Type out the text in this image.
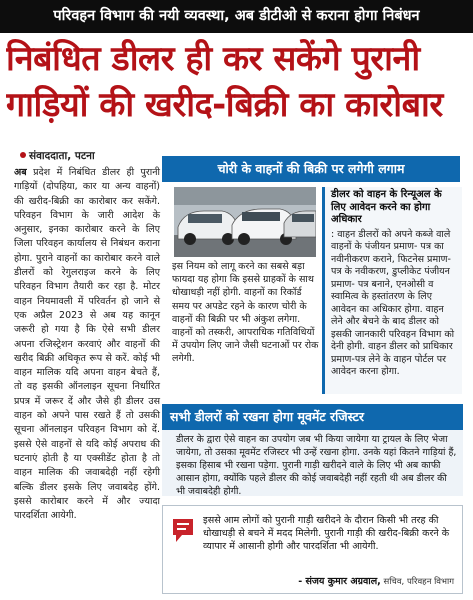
परिवहन विभाग की नयी व्यवस्था, अब डीटीओ से कराना होगा निबंधन
निबंधित डीलर ही कर सकेंगे पुरानी
गाड़ियों की खरीद-बिक्री का कारोबार
संवाददाता, पटना
अब प्रदेश में निबंधित डीलर ही पुरानी गाड़ियों (दोपहिया, कार या अन्य वाहनों) की खरीद-बिक्री का कारोबार कर सकेंगे. परिवहन विभाग के जारी आदेश के अनुसार, इनका कारोबार करने के लिए जिला परिवहन कार्यालय से निबंधन कराना होगा. पुराने वाहनों का कारोबार करने वाले डीलरों को रेगुलराइज करने के लिए परिवहन विभाग तैयारी कर रहा है. मोटर वाहन नियमावली में परिवर्तन हो जाने से एक अप्रैल 2023 से अब यह कानून जरूरी हो गया है कि ऐसे सभी डीलर अपना रजिस्ट्रेशन करवाएं और वाहनों की खरीद बिक्री अधिकृत रूप से करें. कोई भी वाहन मालिक यदि अपना वाहन बेचते हैं, तो वह इसकी ऑनलाइन सूचना निर्धारित प्रपत्र में जरूर दें और जैसे ही डीलर उस वाहन को अपने पास रखते हैं तो उसकी सूचना ऑनलाइन परिवहन विभाग को दें. इससे ऐसे वाहनों से यदि कोई अपराध की घटनाएं होती है या एक्सीडेंट होता है तो वाहन मालिक की जवाबदेही नहीं रहेगी बल्कि डीलर इसके लिए जवाबदेह होंगे. इससे कारोबार करने में और ज्यादा पारदर्शिता आयेगी.
चोरी के वाहनों की बिक्री पर लगेगी लगाम
इस नियम को लागू करने का सबसे बड़ा फायदा यह होगा कि इससे ग्राहकों के साथ धोखाधड़ी नहीं होगी. वाहनों का रिकॉर्ड समय पर अपडेट रहने के कारण चोरी के वाहनों की बिक्री पर भी अंकुश लगेगा. वाहनों को तस्करी, आपराधिक गतिविधियों में उपयोग लिए जाने जैसी घटनाओं पर रोक लगेगी.
डीलर को वाहन के रिन्यूअल के लिए आवेदन करने का होगा अधिकार
: वाहन डीलरों को अपने कब्जे वाले वाहनों के पंजीयन प्रमाण- पत्र का नवीनीकरण कराने, फिटनेस प्रमाण- पत्र के नवीकरण, डुप्लीकेट पंजीयन प्रमाण- पत्र बनाने, एनओसी व स्वामित्व के हस्तांतरण के लिए आवेदन का अधिकार होगा. वाहन लेने और बेचने के बाद डीलर को इसकी जानकारी परिवहन विभाग को देनी होगी. वाहन डीलर को प्राधिकार प्रमाण-पत्र लेने के वाहन पोर्टल पर आवेदन करना होगा.
सभी डीलरों को रखना होगा मूवमेंट रजिस्टर
डीलर के द्वारा ऐसे वाहन का उपयोग जब भी किया जायेगा या ट्रायल के लिए भेजा जायेगा, तो उसका मूवमेंट रजिस्टर भी उन्हें रखना होगा. उनके यहां कितने गाड़ियां हैं, इसका हिसाब भी रखना पड़ेगा. पुरानी गाड़ी खरीदने वाले के लिए भी अब काफी आसान होगा, क्योंकि पहले डीलर की कोई जवाबदेही नहीं रहती थी अब डीलर की भी जवाबदेही होगी.
इससे आम लोगों को पुरानी गाड़ी खरीदने के दौरान किसी भी तरह की धोखाधड़ी से बचने में मदद मिलेगी. पुरानी गाड़ी की खरीद-बिक्री करने के व्यापार में आसानी होगी और पारदर्शिता भी आयेगी.
- संजय कुमार अग्रवाल, सचिव, परिवहन विभाग
